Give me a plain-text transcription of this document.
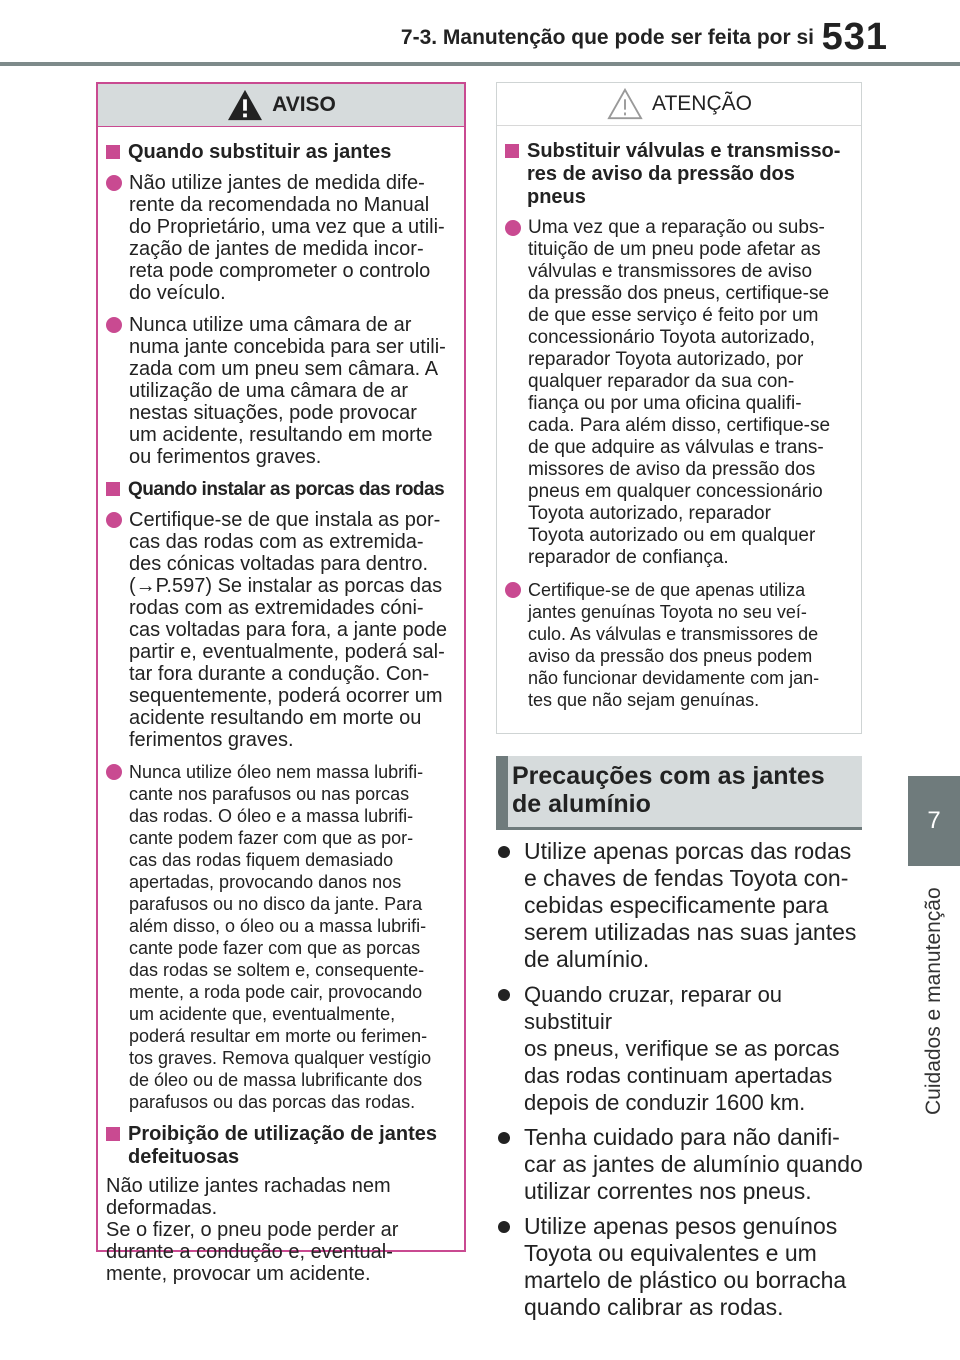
7-3. Manutenção que pode ser feita por si 531
7
Cuidados e manutenção
AVISO
Quando substituir as jantes
Não utilize jantes de medida dife-
rente da recomendada no Manual
do Proprietário, uma vez que a utili-
zação de jantes de medida incor-
reta pode comprometer o controlo
do veículo.
Nunca utilize uma câmara de ar
numa jante concebida para ser utili-
zada com um pneu sem câmara. A
utilização de uma câmara de ar
nestas situações, pode provocar
um acidente, resultando em morte
ou ferimentos graves.
Quando instalar as porcas das rodas
Certifique-se de que instala as por-
cas das rodas com as extremida-
des cónicas voltadas para dentro.
(→P.597) Se instalar as porcas das
rodas com as extremidades cóni-
cas voltadas para fora, a jante pode
partir e, eventualmente, poderá sal-
tar fora durante a condução. Con-
sequentemente, poderá ocorrer um
acidente resultando em morte ou
ferimentos graves.
Nunca utilize óleo nem massa lubrifi-
cante nos parafusos ou nas porcas
das rodas. O óleo e a massa lubrifi-
cante podem fazer com que as por-
cas das rodas fiquem demasiado
apertadas, provocando danos nos
parafusos ou no disco da jante. Para
além disso, o óleo ou a massa lubrifi-
cante pode fazer com que as porcas
das rodas se soltem e, consequente-
mente, a roda pode cair, provocando
um acidente que, eventualmente,
poderá resultar em morte ou ferimen-
tos graves. Remova qualquer vestígio
de óleo ou de massa lubrificante dos
parafusos ou das porcas das rodas.
Proibição de utilização de jantes
defeituosas
Não utilize jantes rachadas nem
deformadas.
Se o fizer, o pneu pode perder ar
durante a condução e, eventual-
mente, provocar um acidente.
ATENÇÃO
Substituir válvulas e transmisso-
res de aviso da pressão dos
pneus
Uma vez que a reparação ou subs-
tituição de um pneu pode afetar as
válvulas e transmissores de aviso
da pressão dos pneus, certifique-se
de que esse serviço é feito por um
concessionário Toyota autorizado,
reparador Toyota autorizado, por
qualquer reparador da sua con-
fiança ou por uma oficina qualifi-
cada. Para além disso, certifique-se
de que adquire as válvulas e trans-
missores de aviso da pressão dos
pneus em qualquer concessionário
Toyota autorizado, reparador
Toyota autorizado ou em qualquer
reparador de confiança.
Certifique-se de que apenas utiliza
jantes genuínas Toyota no seu veí-
culo. As válvulas e transmissores de
aviso da pressão dos pneus podem
não funcionar devidamente com jan-
tes que não sejam genuínas.
Precauções com as jantes
de alumínio
Utilize apenas porcas das rodas
e chaves de fendas Toyota con-
cebidas especificamente para
serem utilizadas nas suas jantes
de alumínio.
Quando cruzar, reparar ou substituir
os pneus, verifique se as porcas
das rodas continuam apertadas
depois de conduzir 1600 km.
Tenha cuidado para não danifi-
car as jantes de alumínio quando
utilizar correntes nos pneus.
Utilize apenas pesos genuínos
Toyota ou equivalentes e um
martelo de plástico ou borracha
quando calibrar as rodas.
